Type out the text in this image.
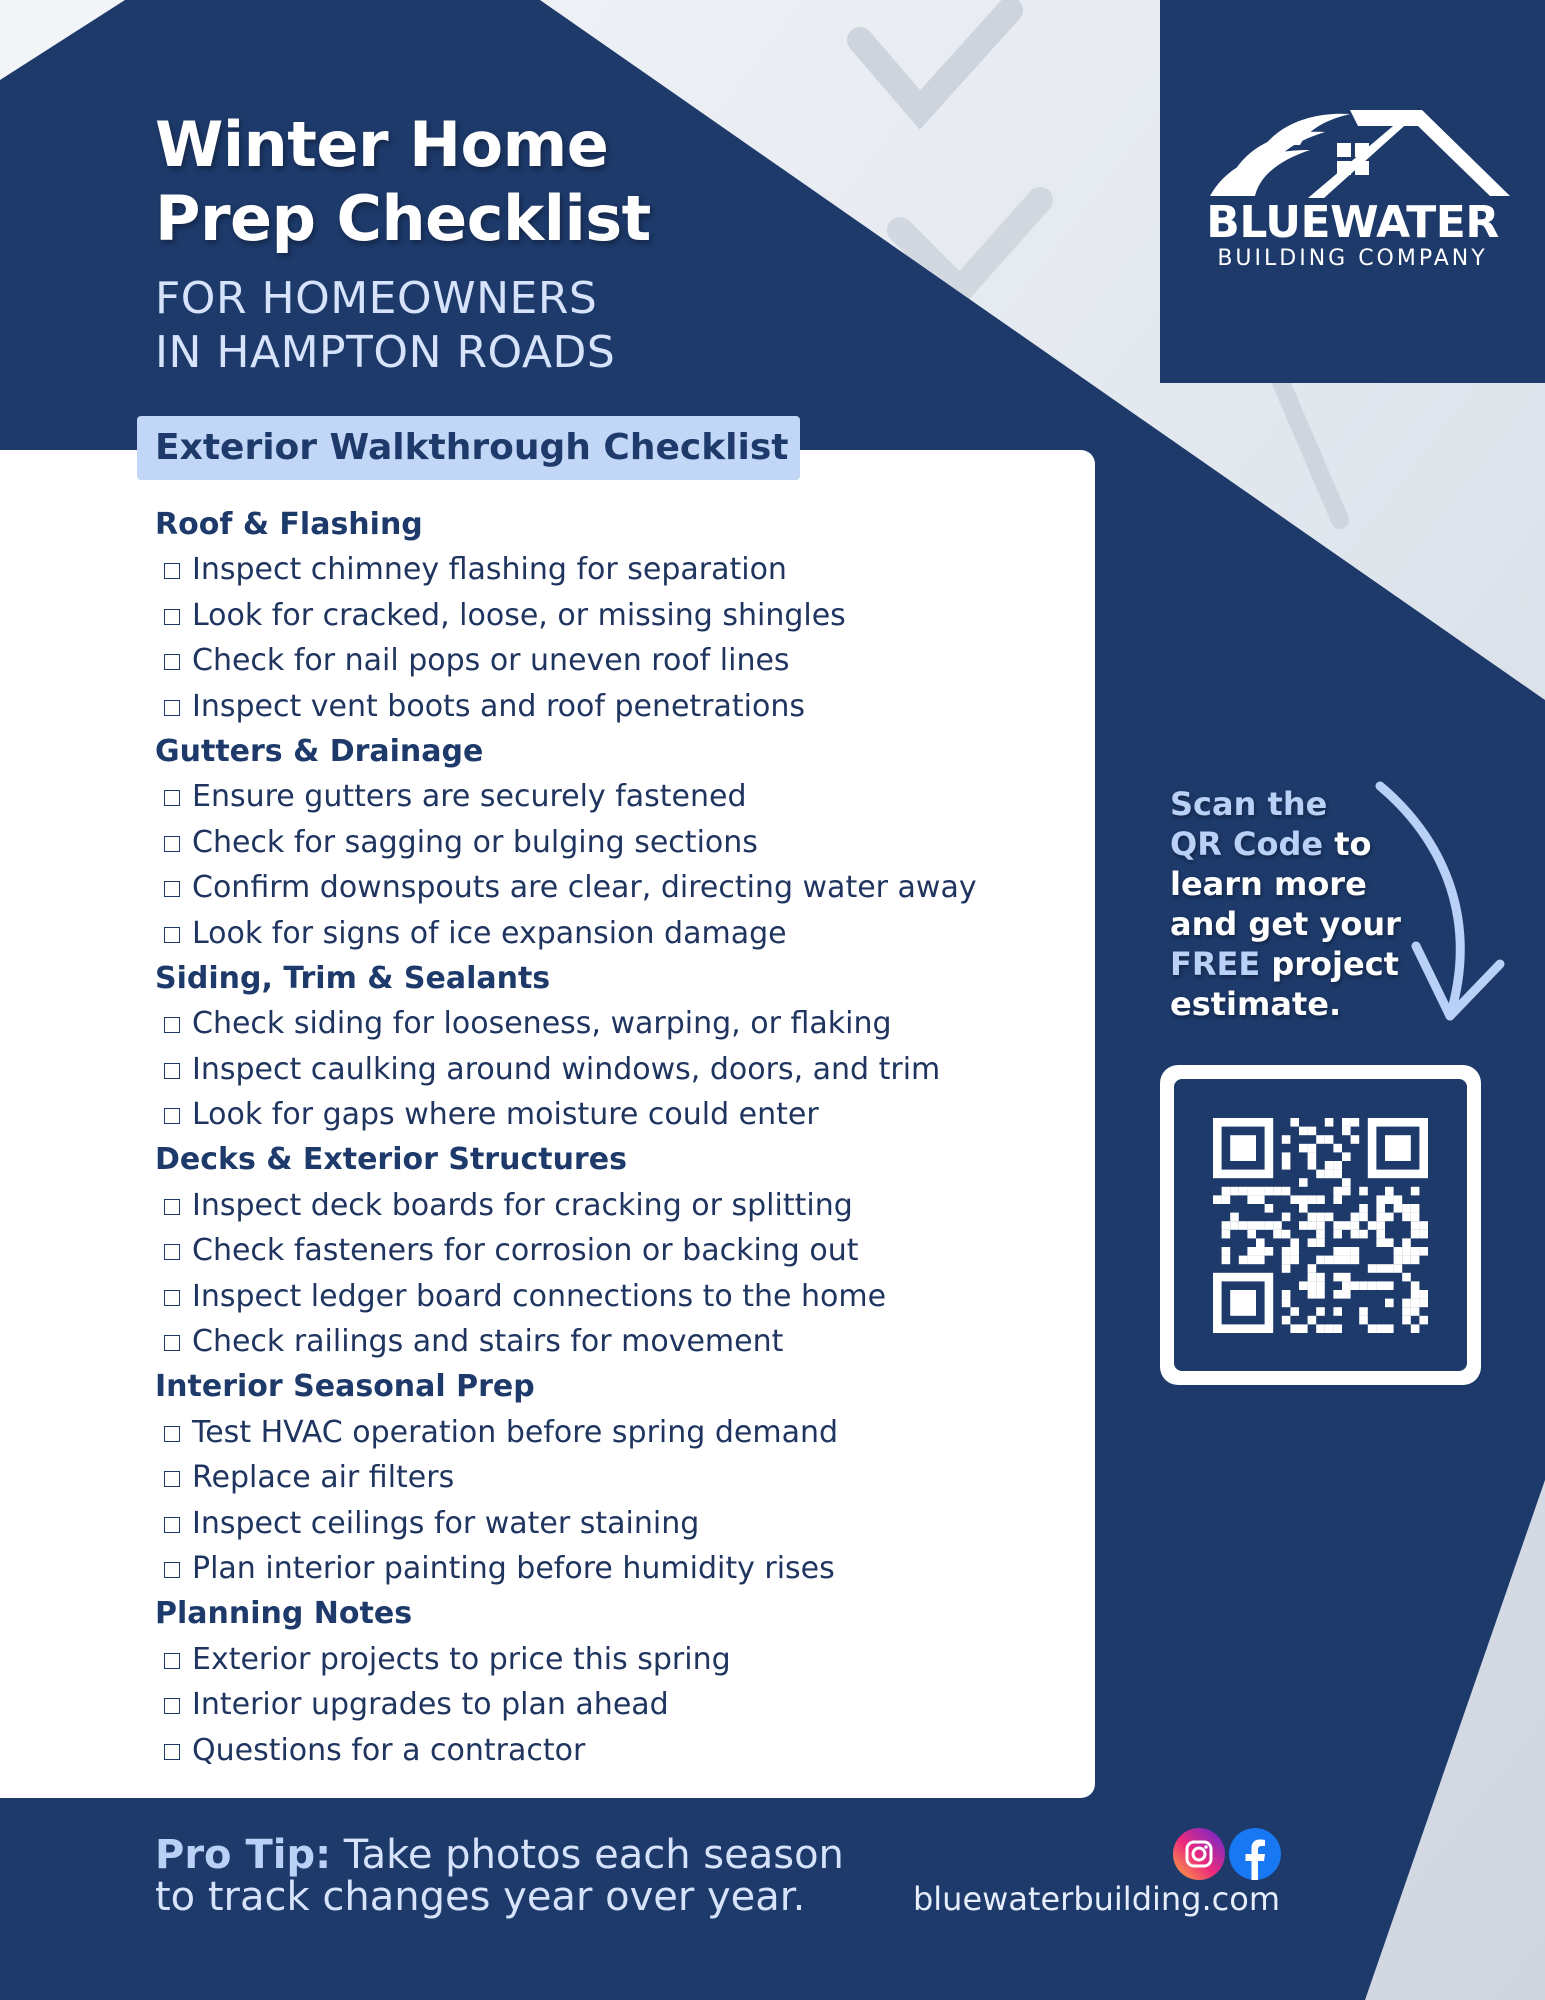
Winter Home
Prep Checklist
FOR HOMEOWNERS
IN HAMPTON ROADS
BLUEWATER
BUILDING COMPANY
Exterior Walkthrough Checklist
Roof & Flashing
Inspect chimney flashing for separation
Look for cracked, loose, or missing shingles
Check for nail pops or uneven roof lines
Inspect vent boots and roof penetrations
Gutters & Drainage
Ensure gutters are securely fastened
Check for sagging or bulging sections
Confirm downspouts are clear, directing water away
Look for signs of ice expansion damage
Siding, Trim & Sealants
Check siding for looseness, warping, or flaking
Inspect caulking around windows, doors, and trim
Look for gaps where moisture could enter
Decks & Exterior Structures
Inspect deck boards for cracking or splitting
Check fasteners for corrosion or backing out
Inspect ledger board connections to the home
Check railings and stairs for movement
Interior Seasonal Prep
Test HVAC operation before spring demand
Replace air filters
Inspect ceilings for water staining
Plan interior painting before humidity rises
Planning Notes
Exterior projects to price this spring
Interior upgrades to plan ahead
Questions for a contractor
Scan the
QR Code to
learn more
and get your
FREE project
estimate.
Pro Tip: Take photos each season
to track changes year over year.	bluewaterbuilding.com
